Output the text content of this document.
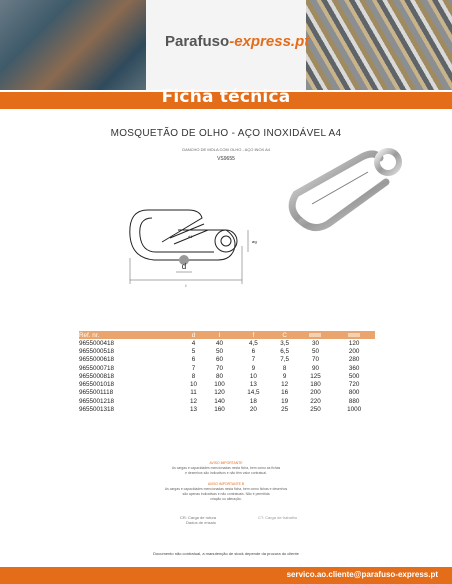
Parafuso-express.pt
Ficha técnica
MOSQUETÃO DE OLHO - AÇO INOXIDÁVEL A4
GANCHO DE MOLA COM OLHO - AÇO INOX A4
VS9655
d
l
øg
d1
Ref. nr.	d	l	f	C		
9655000418	4	40	4,5	3,5	30	120
9655000518	5	50	6	6,5	50	200
9655000618	6	60	7	7,5	70	280
9655000718	7	70	9	8	90	360
9655000818	8	80	10	9	125	500
9655001018	10	100	13	12	180	720
9655001118	11	120	14,5	16	200	800
9655001218	12	140	18	19	220	880
9655001318	13	160	20	25	250	1000
AVISO IMPORTANTE
As cargas e capacidades mencionadas nesta ficha, bem como as fichas
e desenhos são indicativos e não têm valor contratual.
AVISO IMPORTANTE B
As cargas e capacidades mencionadas nesta ficha, bem como fichas e desenhos
são apenas indicativas e não contratuais. Não é permitida
criação ou alteração.
CR: Carga de rutura
Dados de ensaio
CT: Carga de trabalho
Documento não contratual, a manutenção de stock depende da procura do cliente
servico.ao.cliente@parafuso-express.pt
